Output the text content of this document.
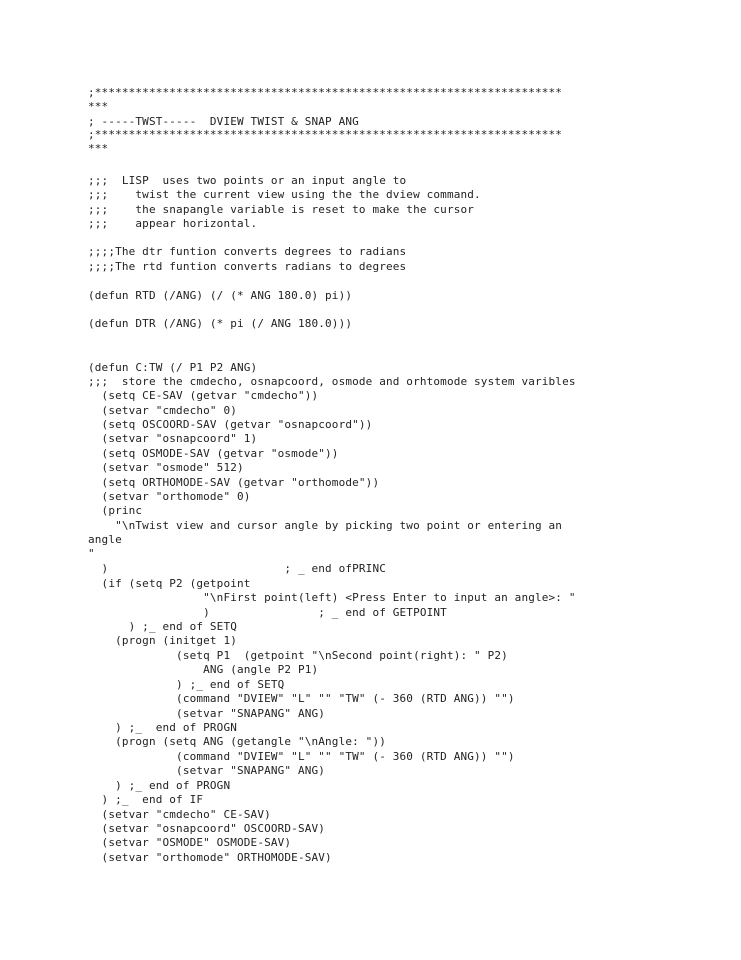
;*********************************************************************
***
; -----TWST-----  DVIEW TWIST & SNAP ANG
;*********************************************************************
***
;;;  LISP  uses two points or an input angle to
;;;    twist the current view using the the dview command.
;;;    the snapangle variable is reset to make the cursor
;;;    appear horizontal.
;;;;The dtr funtion converts degrees to radians
;;;;The rtd funtion converts radians to degrees
(defun RTD (/ANG) (/ (* ANG 180.0) pi))
(defun DTR (/ANG) (* pi (/ ANG 180.0)))
(defun C:TW (/ P1 P2 ANG)
;;;  store the cmdecho, osnapcoord, osmode and orhtomode system varibles
(setq CE-SAV (getvar "cmdecho"))
(setvar "cmdecho" 0)
(setq OSCOORD-SAV (getvar "osnapcoord"))
(setvar "osnapcoord" 1)
(setq OSMODE-SAV (getvar "osmode"))
(setvar "osmode" 512)
(setq ORTHOMODE-SAV (getvar "orthomode"))
(setvar "orthomode" 0)
(princ
"\nTwist view and cursor angle by picking two point or entering an
angle
"
)                          ; _ end ofPRINC
(if (setq P2 (getpoint
"\nFirst point(left) <Press Enter to input an angle>: "
)                ; _ end of GETPOINT
) ;_ end of SETQ
(progn (initget 1)
(setq P1  (getpoint "\nSecond point(right): " P2)
ANG (angle P2 P1)
) ;_ end of SETQ
(command "DVIEW" "L" "" "TW" (- 360 (RTD ANG)) "")
(setvar "SNAPANG" ANG)
) ;_  end of PROGN
(progn (setq ANG (getangle "\nAngle: "))
(command "DVIEW" "L" "" "TW" (- 360 (RTD ANG)) "")
(setvar "SNAPANG" ANG)
) ;_ end of PROGN
) ;_  end of IF
(setvar "cmdecho" CE-SAV)
(setvar "osnapcoord" OSCOORD-SAV)
(setvar "OSMODE" OSMODE-SAV)
(setvar "orthomode" ORTHOMODE-SAV)
